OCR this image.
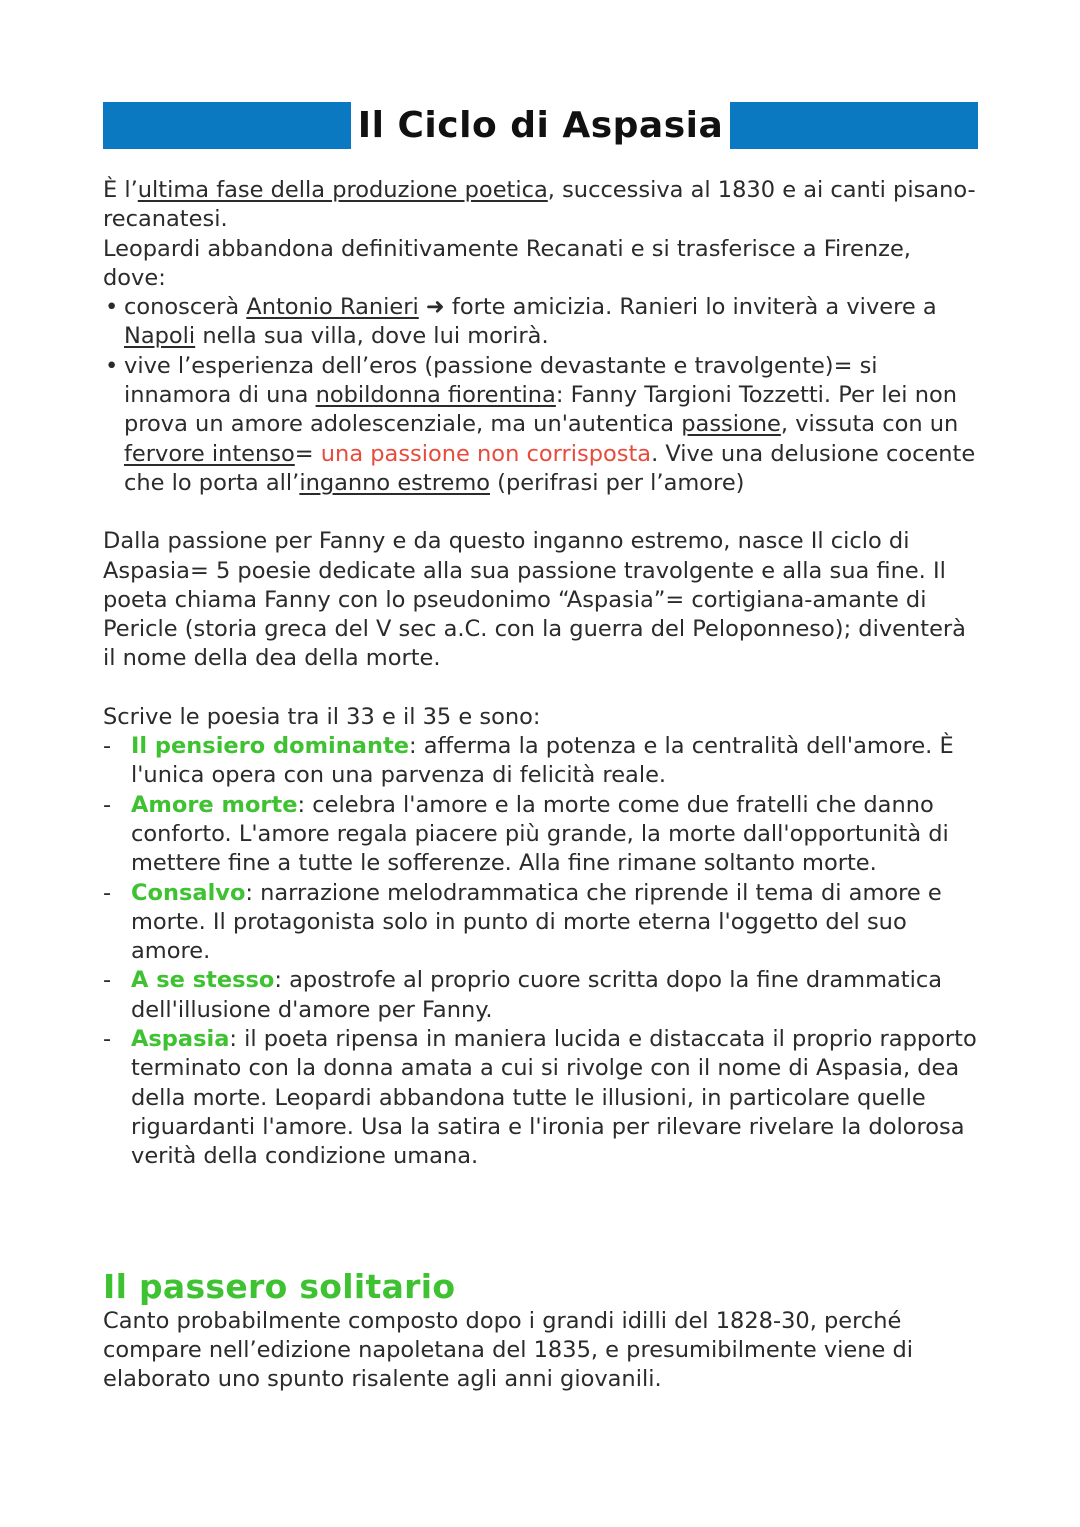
Il Ciclo di Aspasia

È l’ultima fase della produzione poetica, successiva al 1830 e ai canti pisano-recanatesi.

Leopardi abbandona definitivamente Recanati e si trasferisce a Firenze, dove:

• conoscerà Antonio Ranieri ➜ forte amicizia. Ranieri lo inviterà a vivere a Napoli nella sua villa, dove lui morirà.
• vive l’esperienza dell’eros (passione devastante e travolgente)= si innamora di una nobildonna fiorentina: Fanny Targioni Tozzetti. Per lei non prova un amore adolescenziale, ma un'autentica passione, vissuta con un fervore intenso= una passione non corrisposta. Vive una delusione cocente che lo porta all’inganno estremo (perifrasi per l’amore)

Dalla passione per Fanny e da questo inganno estremo, nasce Il ciclo di Aspasia= 5 poesie dedicate alla sua passione travolgente e alla sua fine. Il poeta chiama Fanny con lo pseudonimo “Aspasia”= cortigiana-amante di Pericle (storia greca del V sec a.C. con la guerra del Peloponneso); diventerà il nome della dea della morte.

Scrive le poesia tra il 33 e il 35 e sono:

- Il pensiero dominante: afferma la potenza e la centralità dell'amore. È l'unica opera con una parvenza di felicità reale.
- Amore morte: celebra l'amore e la morte come due fratelli che danno conforto. L'amore regala piacere più grande, la morte dall'opportunità di mettere fine a tutte le sofferenze. Alla fine rimane soltanto morte.
- Consalvo: narrazione melodrammatica che riprende il tema di amore e morte. Il protagonista solo in punto di morte eterna l'oggetto del suo amore.
- A se stesso: apostrofe al proprio cuore scritta dopo la fine drammatica dell'illusione d'amore per Fanny.
- Aspasia: il poeta ripensa in maniera lucida e distaccata il proprio rapporto terminato con la donna amata a cui si rivolge con il nome di Aspasia, dea della morte. Leopardi abbandona tutte le illusioni, in particolare quelle riguardanti l'amore. Usa la satira e l'ironia per rilevare rivelare la dolorosa verità della condizione umana.
Il passero solitario

Canto probabilmente composto dopo i grandi idilli del 1828-30, perché compare nell’edizione napoletana del 1835, e presumibilmente viene di elaborato uno spunto risalente agli anni giovanili.
